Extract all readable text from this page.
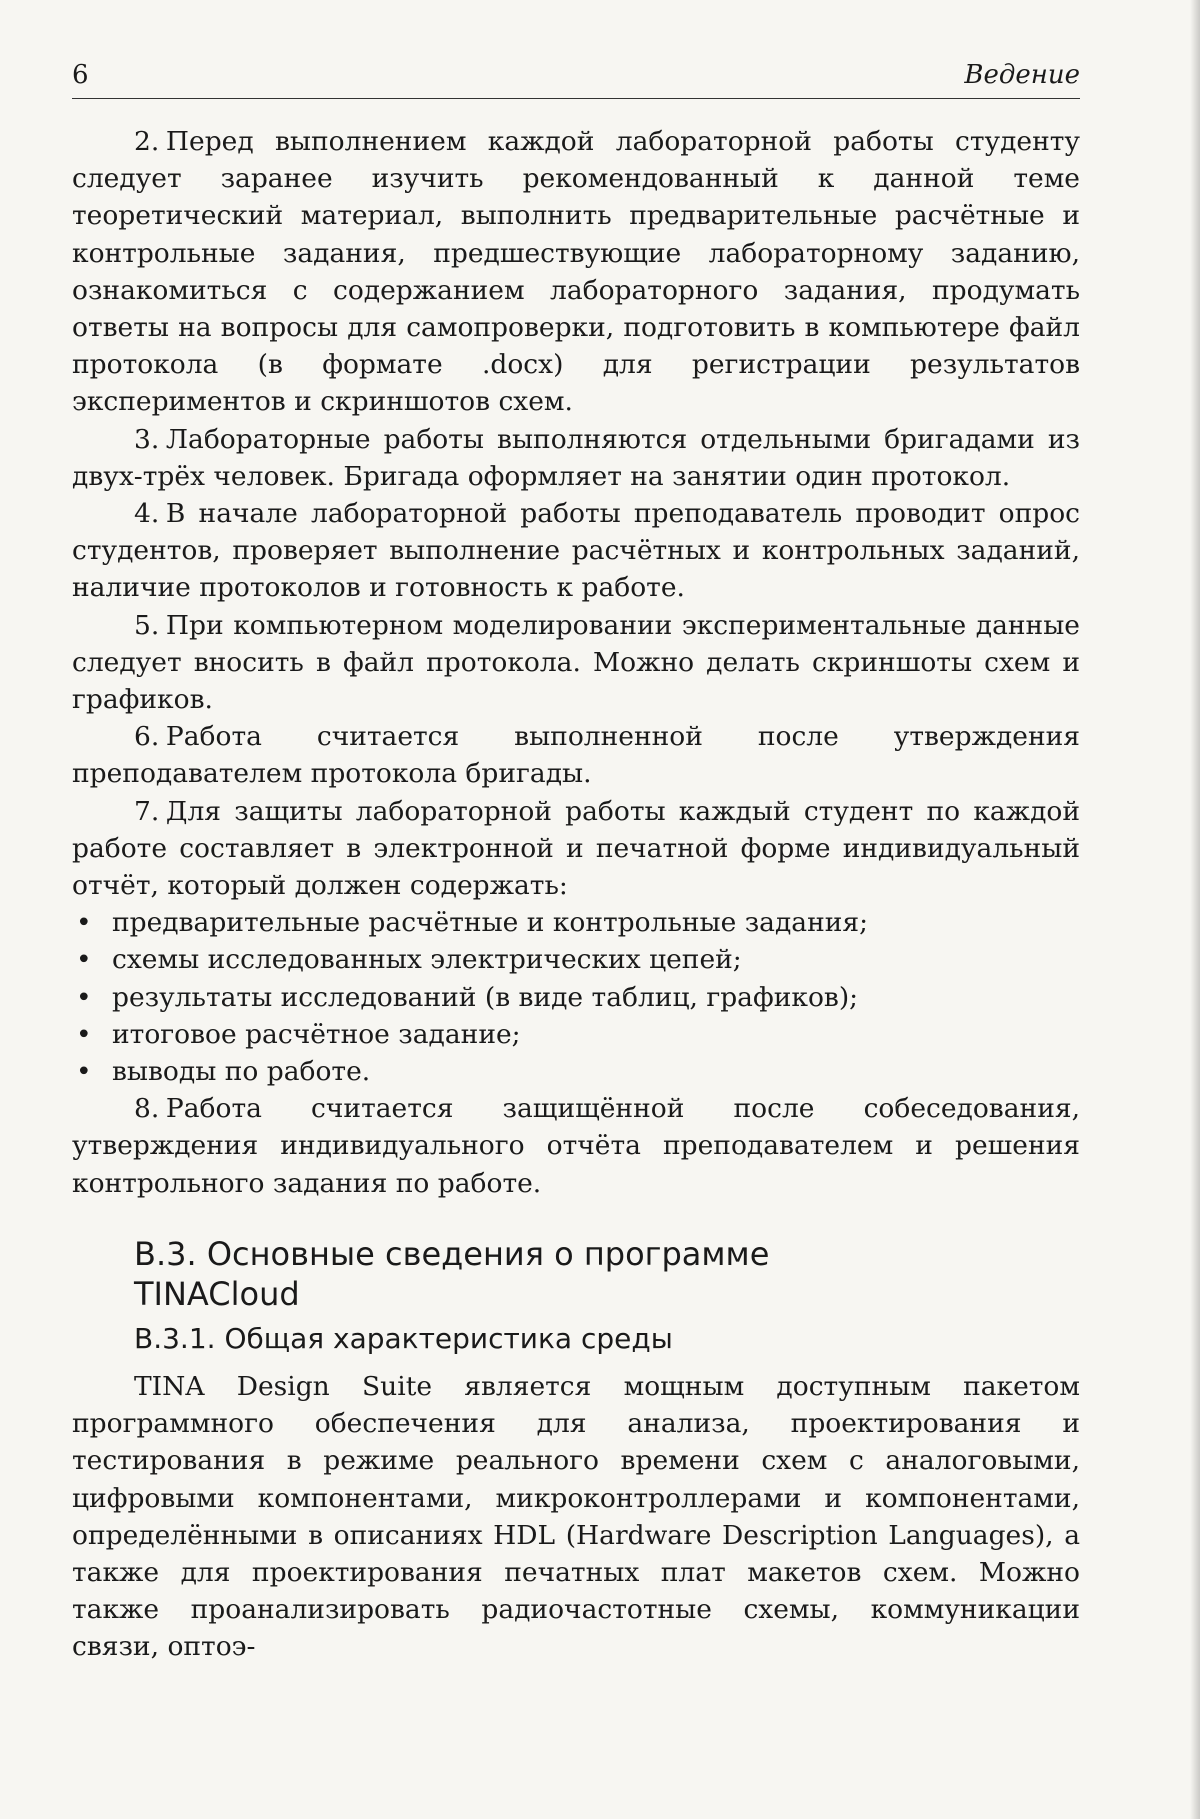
6	Ведение

2. Перед выполнением каждой лабораторной работы студенту следует заранее изучить рекомендованный к данной теме теоретический материал, выполнить предварительные расчётные и контрольные задания, предшествующие лабораторному заданию, ознакомиться с содержанием лабораторного задания, продумать ответы на вопросы для самопроверки, подготовить в компьютере файл протокола (в формате .docx) для регистрации результатов экспериментов и скриншотов схем.

3. Лабораторные работы выполняются отдельными бригадами из двух-трёх человек. Бригада оформляет на занятии один протокол.

4. В начале лабораторной работы преподаватель проводит опрос студентов, проверяет выполнение расчётных и контрольных заданий, наличие протоколов и готовность к работе.

5. При компьютерном моделировании экспериментальные данные следует вносить в файл протокола. Можно делать скриншоты схем и графиков.

6. Работа считается выполненной после утверждения преподавателем протокола бригады.

7. Для защиты лабораторной работы каждый студент по каждой работе составляет в электронной и печатной форме индивидуальный отчёт, который должен содержать:

• предварительные расчётные и контрольные задания;
• схемы исследованных электрических цепей;
• результаты исследований (в виде таблиц, графиков);
• итоговое расчётное задание;
• выводы по работе.

8. Работа считается защищённой после собеседования, утверждения индивидуального отчёта преподавателем и решения контрольного задания по работе.

В.3. Основные сведения о программе TINACloud
В.3.1. Общая характеристика среды

TINA Design Suite является мощным доступным пакетом программного обеспечения для анализа, проектирования и тестирования в режиме реального времени схем с аналоговыми, цифровыми компонентами, микроконтроллерами и компонентами, определёнными в описаниях HDL (Hardware Description Languages), а также для проектирования печатных плат макетов схем. Можно также проанализировать радиочастотные схемы, коммуникации связи, оптоэ-
